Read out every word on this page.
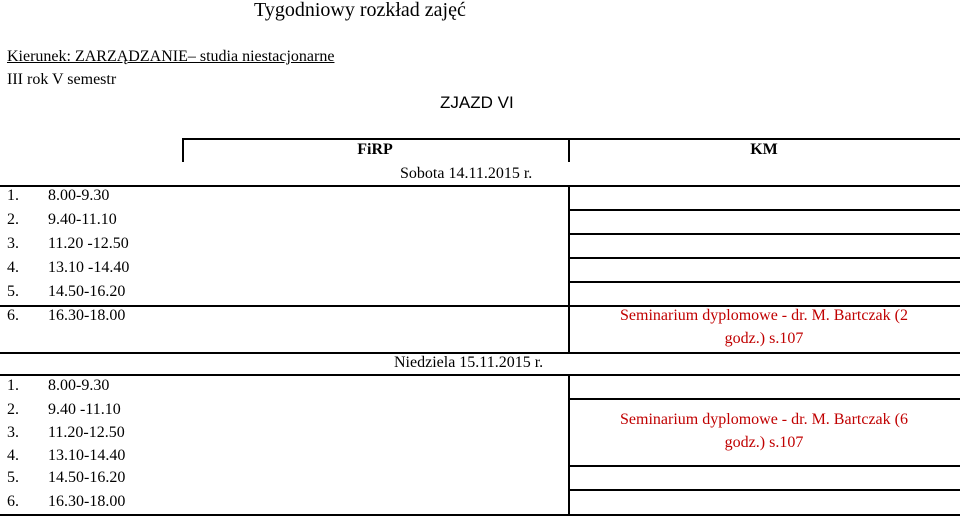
Tygodniowy rozkład zajęć
Kierunek: ZARZĄDZANIE– studia niestacjonarne
III rok V semestr
ZJAZD VI
FiRP	KM
Sobota 14.11.2015 r.
1. 8.00-9.30
2. 9.40-11.10
3. 11.20 -12.50
4. 13.10 -14.40
5. 14.50-16.20
6. 16.30-18.00	Seminarium dyplomowe - dr. M. Bartczak (2
godz.) s.107
Niedziela 15.11.2015 r.
1. 8.00-9.30
2. 9.40 -11.10
3. 11.20-12.50
4. 13.10-14.40
5. 14.50-16.20
6. 16.30-18.00
Seminarium dyplomowe - dr. M. Bartczak (6
godz.) s.107
